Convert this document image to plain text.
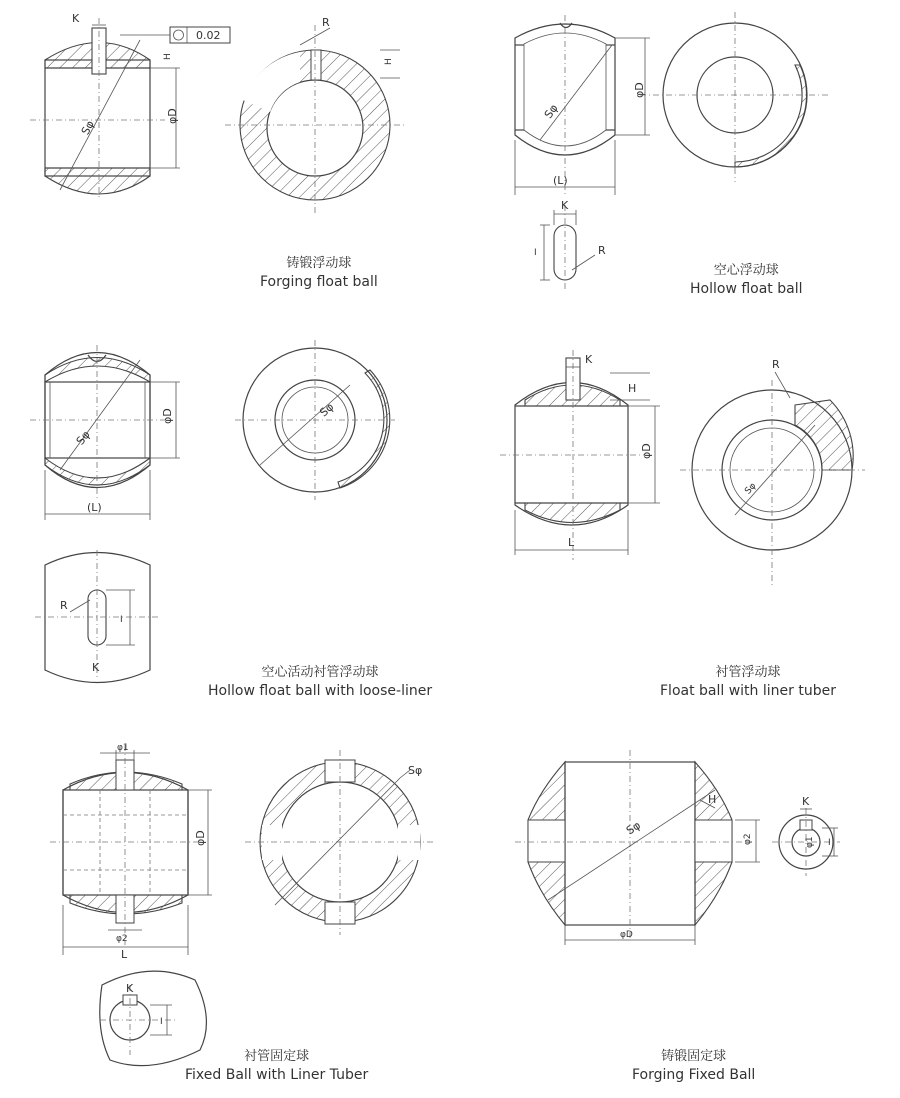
0.02
K
H
Sφ
φD
R
H
Sφ
φD
(L)
K
I	R
Sφ
φD
(L)
Sφ
I
R
K
K
H
φD
L
Sφ
R
φ1
φD
φ2
L
Sφ
K
I
Sφ
H
φD
φ2
K
I
φ1
铸锻浮动球
Forging float ball
空心浮动球
Hollow float ball
空心活动衬管浮动球
Hollow float ball with loose-liner
衬管浮动球
Float ball with liner tuber
衬管固定球
Fixed Ball with Liner Tuber
铸锻固定球
Forging Fixed Ball
